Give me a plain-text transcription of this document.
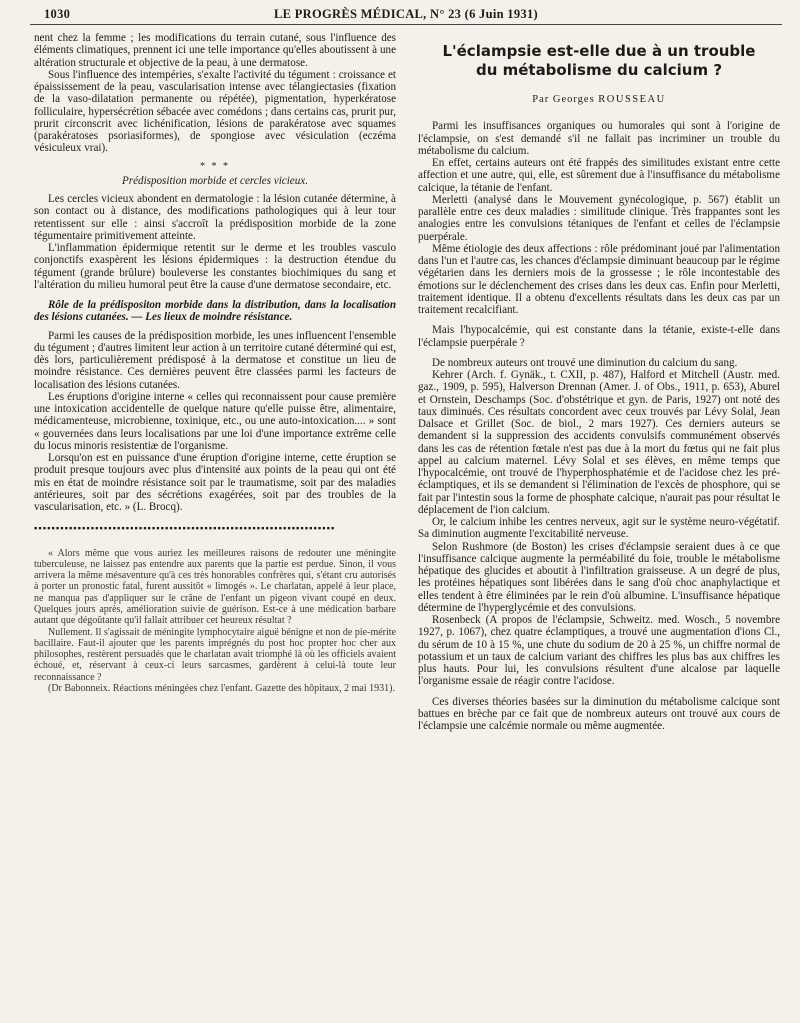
1030	LE PROGRÈS MÉDICAL, N° 23 (6 Juin 1931)

nent chez la femme ; les modifications du terrain cutané, sous l'influence des éléments climatiques, prennent ici une telle importance qu'elles aboutissent à une altération structurale et objective de la peau, à une dermatose.

Sous l'influence des intempéries, s'exalte l'activité du tégument : croissance et épaississement de la peau, vascularisation intense avec télangiectasies (fixation de la vaso-dilatation permanente ou répétée), pigmentation, hyperkératose folliculaire, hypersécrétion sébacée avec comédons ; dans certains cas, prurit pur, prurit circonscrit avec lichénification, lésions de parakératose avec squames (parakératoses psoriasiformes), de spongiose avec vésiculation (eczéma vésiculeux vrai).

* * *
Prédisposition morbide et cercles vicieux.

Les cercles vicieux abondent en dermatologie : la lésion cutanée détermine, à son contact ou à distance, des modifications pathologiques qui à leur tour retentissent sur elle : ainsi s'accroît la prédisposition morbide de la zone tégumentaire primitivement atteinte.

L'inflammation épidermique retentit sur le derme et les troubles vasculo conjonctifs exaspèrent les lésions épidermiques : la destruction étendue du tégument (grande brûlure) bouleverse les constantes biochimiques du sang et l'altération du milieu humoral peut être la cause d'une dermatose secondaire, etc.

Rôle de la prédispositon morbide dans la distribution, dans la localisation des lésions cutanées. — Les lieux de moindre résistance.

Parmi les causes de la prédisposition morbide, les unes influencent l'ensemble du tégument ; d'autres limitent leur action à un territoire cutané déterminé qui est, dès lors, particulièrement prédisposé à la dermatose et constitue un lieu de moindre résistance. Ces dernières peuvent être classées parmi les facteurs de localisation des lésions cutanées.

Les éruptions d'origine interne « celles qui reconnaissent pour cause première une intoxication accidentelle de quelque nature qu'elle puisse être, alimentaire, médicamenteuse, microbienne, toxinique, etc., ou une auto-intoxication.... » sont « gouvernées dans leurs localisations par une loi d'une importance extrême celle du locus minoris resistentiæ de l'organisme.

Lorsqu'on est en puissance d'une éruption d'origine interne, cette éruption se produit presque toujours avec plus d'intensité aux points de la peau qui ont été mis en état de moindre résistance soit par le traumatisme, soit par des maladies antérieures, soit par des sécrétions exagérées, soit par des troubles de la vascularisation, etc. » (L. Brocq).

▪▪▪▪▪▪▪▪▪▪▪▪▪▪▪▪▪▪▪▪▪▪▪▪▪▪▪▪▪▪▪▪▪▪▪▪▪▪▪▪▪▪▪▪▪▪▪▪▪▪▪▪▪▪▪▪▪▪▪▪▪▪▪▪▪▪▪▪▪

« Alors même que vous auriez les meilleures raisons de redouter une méningite tuberculeuse, ne laissez pas entendre aux parents que la partie est perdue. Sinon, il vous arrivera la même mésaventure qu'à ces très honorables confrères qui, s'étant cru autorisés à porter un pronostic fatal, furent aussitôt « limogés ». Le charlatan, appelé à leur place, ne manqua pas d'appliquer sur le crâne de l'enfant un pigeon vivant coupé en deux. Quelques jours après, amélioration suivie de guérison. Est-ce à une médication barbare autant que dégoûtante qu'il fallait attribuer cet heureux résultat ?

Nullement. Il s'agissait de méningite lymphocytaire aiguë bénigne et non de pie-mérite bacillaire. Faut-il ajouter que les parents imprégnés du post hoc propter hoc cher aux philosophes, restèrent persuadés que le charlatan avait triomphé là où les officiels avaient échoué, et, réservant à ceux-ci leurs sarcasmes, gardèrent à celui-là toute leur reconnaissance ?

(Dr Babonneix. Réactions méningées chez l'enfant. Gazette des hôpitaux, 2 mai 1931).

L'éclampsie est-elle due à un trouble
du métabolisme du calcium ?
Par Georges ROUSSEAU

Parmi les insuffisances organiques ou humorales qui sont à l'origine de l'éclampsie, on s'est demandé s'il ne fallait pas incriminer un trouble du métabolisme du calcium.

En effet, certains auteurs ont été frappés des similitudes existant entre cette affection et une autre, qui, elle, est sûrement due à l'insuffisance du métabolisme calcique, la tétanie de l'enfant.

Merletti (analysé dans le Mouvement gynécologique, p. 567) établit un parallèle entre ces deux maladies : similitude clinique. Très frappantes sont les analogies entre les convulsions tétaniques de l'enfant et celles de l'éclampsie puerpérale.

Même étiologie des deux affections : rôle prédominant joué par l'alimentation dans l'un et l'autre cas, les chances d'éclampsie diminuant beaucoup par le régime végétarien dans les derniers mois de la grossesse ; le rôle incontestable des émotions sur le déclenchement des crises dans les deux cas. Enfin pour Merletti, traitement identique. Il a obtenu d'excellents résultats dans les deux cas par un traitement recalcifiant.

Mais l'hypocalcémie, qui est constante dans la tétanie, existe-t-elle dans l'éclampsie puerpérale ?

De nombreux auteurs ont trouvé une diminution du calcium du sang.

Kehrer (Arch. f. Gynäk., t. CXII, p. 487), Halford et Mitchell (Austr. med. gaz., 1909, p. 595), Halverson Drennan (Amer. J. of Obs., 1911, p. 653), Aburel et Ornstein, Deschamps (Soc. d'obstétrique et gyn. de Paris, 1927) ont noté des taux diminués. Ces résultats concordent avec ceux trouvés par Lévy Solal, Jean Dalsace et Grillet (Soc. de biol., 2 mars 1927). Ces derniers auteurs se demandent si la suppression des accidents convulsifs communément observés dans les cas de rétention fœtale n'est pas due à la mort du fœtus qui ne fait plus appel au calcium maternel. Lévy Solal et ses élèves, en même temps que l'hypocalcémie, ont trouvé de l'hyperphosphatémie et de l'acidose chez les pré-éclamptiques, et ils se demandent si l'élimination de l'excès de phosphore, qui se fait par l'intestin sous la forme de phosphate calcique, n'aurait pas pour résultat le déplacement de l'ion calcium.

Or, le calcium inhibe les centres nerveux, agit sur le système neuro-végétatif. Sa diminution augmente l'excitabilité nerveuse.

Selon Rushmore (de Boston) les crises d'éclampsie seraient dues à ce que l'insuffisance calcique augmente la perméabilité du foie, trouble le métabolisme hépatique des glucides et aboutit à l'infiltration graisseuse. A un degré de plus, les protéines hépatiques sont libérées dans le sang d'où choc anaphylactique et elles tendent à être éliminées par le rein d'où albumine. L'insuffisance hépatique détermine de l'hyperglycémie et des convulsions.

Rosenbeck (A propos de l'éclampsie, Schweitz. med. Wosch., 5 novembre 1927, p. 1067), chez quatre éclamptiques, a trouvé une augmentation d'ions Cl., du sérum de 10 à 15 %, une chute du sodium de 20 à 25 %, un chiffre normal de potassium et un taux de calcium variant des chiffres les plus bas aux chiffres les plus hauts. Pour lui, les convulsions résultent d'une alcalose par laquelle l'organisme essaie de réagir contre l'acidose.

Ces diverses théories basées sur la diminution du métabolisme calcique sont battues en brèche par ce fait que de nombreux auteurs ont trouvé aux cours de l'éclampsie une calcémie normale ou même augmentée.
